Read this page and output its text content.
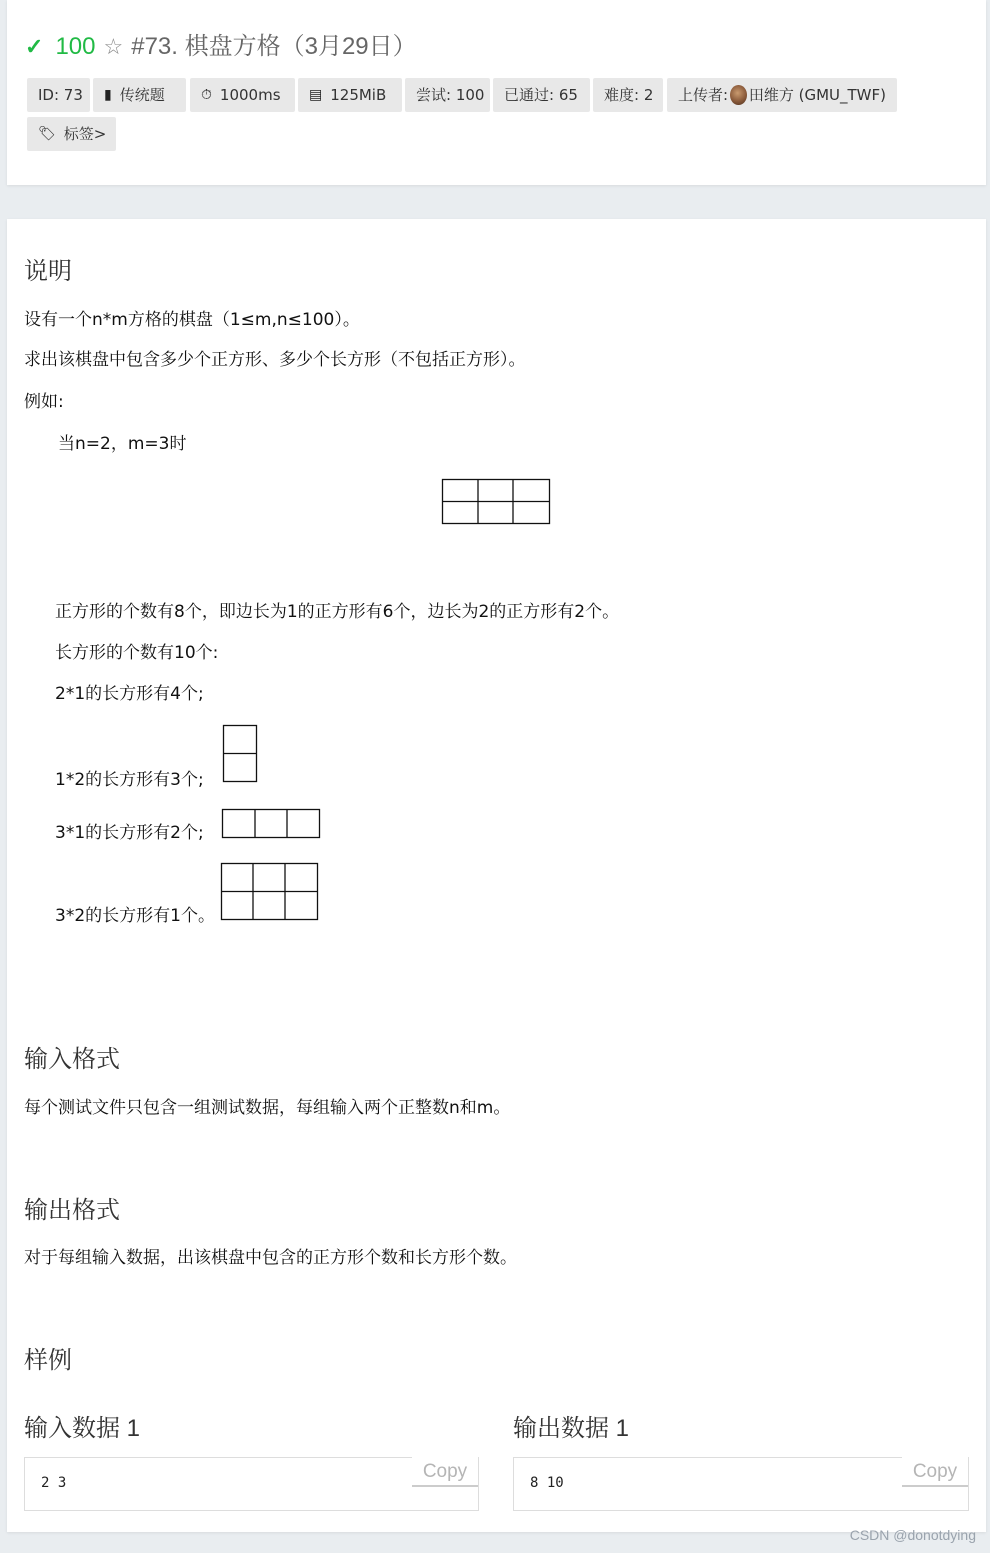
✓ 100 ☆ #73. 棋盘方格（3月29日）
ID: 73 ▮ 传统题	⏱ 1000ms ▤ 125MiB 尝试: 100 已通过: 65 难度: 2 上传者: 田维方 (GMU_TWF)
🏷 标签>
说明
设有一个n*m方格的棋盘（1≤m,n≤100）。
求出该棋盘中包含多少个正方形、多少个长方形（不包括正方形）。
例如:
当n=2，m=3时
正方形的个数有8个，即边长为1的正方形有6个，边长为2的正方形有2个。
长方形的个数有10个:
2*1的长方形有4个;
1*2的长方形有3个;
3*1的长方形有2个;
3*2的长方形有1个。
输入格式
每个测试文件只包含一组测试数据，每组输入两个正整数n和m。
输出格式
对于每组输入数据，出该棋盘中包含的正方形个数和长方形个数。
样例
输入数据 1
2 3
Copy
输出数据 1
8 10
Copy
CSDN @donotdying
